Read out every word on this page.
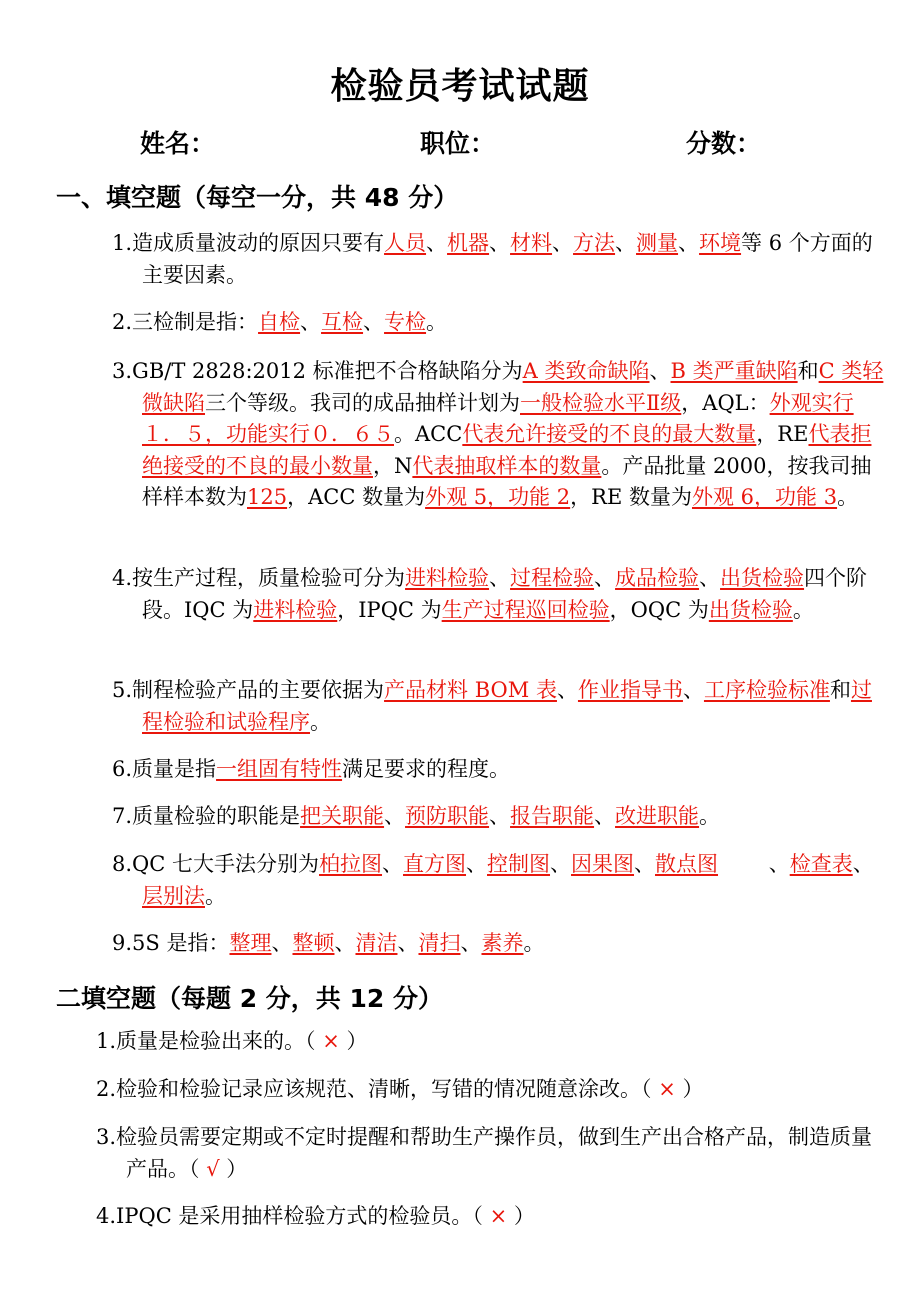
检验员考试试题
姓名：	职位：	分数：
一、填空题（每空一分，共 48 分）
1.造成质量波动的原因只要有人员、机器、材料、方法、测量、环境等 6 个方面的主要因素。
2.三检制是指：自检、互检、专检。
3.GB/T 2828:2012 标准把不合格缺陷分为A 类致命缺陷、B 类严重缺陷和C 类轻微缺陷三个等级。我司的成品抽样计划为一般检验水平Ⅱ级，AQL：外观实行１．５，功能实行０．６５。ACC代表允许接受的不良的最大数量，RE代表拒绝接受的不良的最小数量，N代表抽取样本的数量。产品批量 2000，按我司抽样样本数为125，ACC 数量为外观 5，功能 2，RE 数量为外观 6，功能 3。
4.按生产过程，质量检验可分为进料检验、过程检验、成品检验、出货检验四个阶段。IQC 为进料检验，IPQC 为生产过程巡回检验，OQC 为出货检验。
5.制程检验产品的主要依据为产品材料 BOM 表、作业指导书、工序检验标准和过程检验和试验程序。
6.质量是指一组固有特性满足要求的程度。
7.质量检验的职能是把关职能、预防职能、报告职能、改进职能。
8.QC 七大手法分别为柏拉图、直方图、控制图、因果图、散点图 、检查表、层别法。
9.5S 是指：整理、整顿、清洁、清扫、素养。
二填空题（每题 2 分，共 12 分）
1.质量是检验出来的。（ × ）
2.检验和检验记录应该规范、清晰，写错的情况随意涂改。（ × ）
3.检验员需要定期或不定时提醒和帮助生产操作员，做到生产出合格产品，制造质量产品。（ √ ）
4.IPQC 是采用抽样检验方式的检验员。（ × ）
